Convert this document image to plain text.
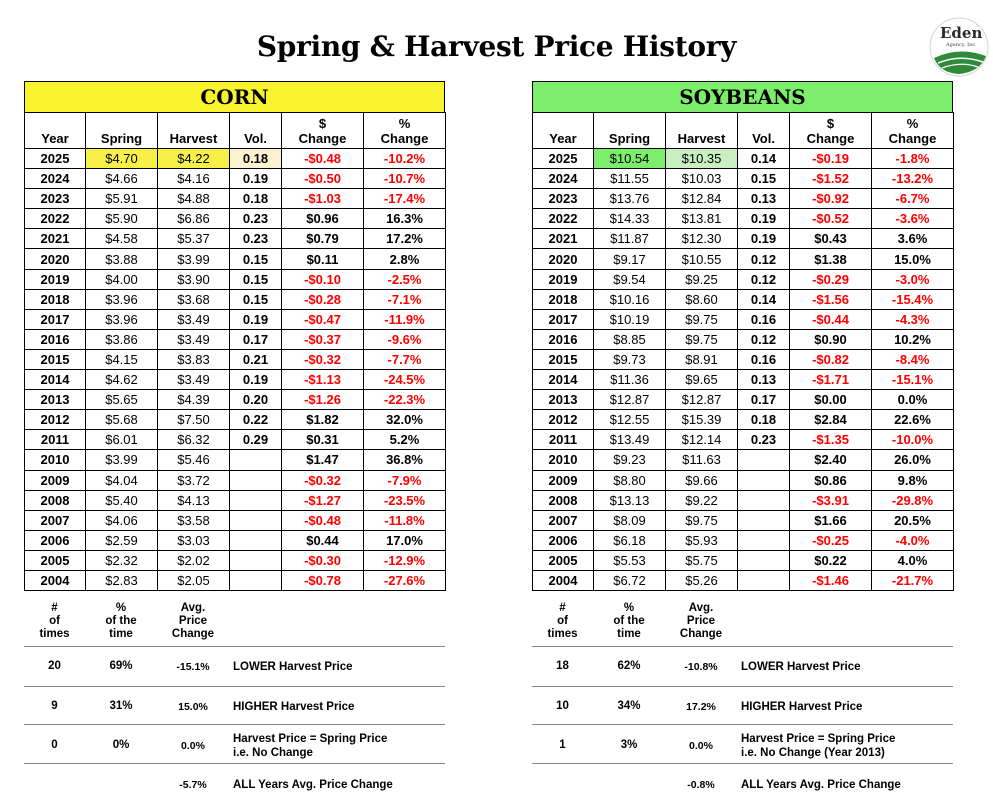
Spring & Harvest Price History	Eden
Agency, Inc.
CORN
Year	Spring	Harvest	Vol.	$
Change	%
Change
2025	$4.70	$4.22	0.18	-$0.48	-10.2%
2024	$4.66	$4.16	0.19	-$0.50	-10.7%
2023	$5.91	$4.88	0.18	-$1.03	-17.4%
2022	$5.90	$6.86	0.23	$0.96	16.3%
2021	$4.58	$5.37	0.23	$0.79	17.2%
2020	$3.88	$3.99	0.15	$0.11	2.8%
2019	$4.00	$3.90	0.15	-$0.10	-2.5%
2018	$3.96	$3.68	0.15	-$0.28	-7.1%
2017	$3.96	$3.49	0.19	-$0.47	-11.9%
2016	$3.86	$3.49	0.17	-$0.37	-9.6%
2015	$4.15	$3.83	0.21	-$0.32	-7.7%
2014	$4.62	$3.49	0.19	-$1.13	-24.5%
2013	$5.65	$4.39	0.20	-$1.26	-22.3%
2012	$5.68	$7.50	0.22	$1.82	32.0%
2011	$6.01	$6.32	0.29	$0.31	5.2%
2010	$3.99	$5.46		$1.47	36.8%
2009	$4.04	$3.72		-$0.32	-7.9%
2008	$5.40	$4.13		-$1.27	-23.5%
2007	$4.06	$3.58		-$0.48	-11.8%
2006	$2.59	$3.03		$0.44	17.0%
2005	$2.32	$2.02		-$0.30	-12.9%
2004	$2.83	$2.05		-$0.78	-27.6%
SOYBEANS
Year	Spring	Harvest	Vol.	$
Change	%
Change
2025	$10.54	$10.35	0.14	-$0.19	-1.8%
2024	$11.55	$10.03	0.15	-$1.52	-13.2%
2023	$13.76	$12.84	0.13	-$0.92	-6.7%
2022	$14.33	$13.81	0.19	-$0.52	-3.6%
2021	$11.87	$12.30	0.19	$0.43	3.6%
2020	$9.17	$10.55	0.12	$1.38	15.0%
2019	$9.54	$9.25	0.12	-$0.29	-3.0%
2018	$10.16	$8.60	0.14	-$1.56	-15.4%
2017	$10.19	$9.75	0.16	-$0.44	-4.3%
2016	$8.85	$9.75	0.12	$0.90	10.2%
2015	$9.73	$8.91	0.16	-$0.82	-8.4%
2014	$11.36	$9.65	0.13	-$1.71	-15.1%
2013	$12.87	$12.87	0.17	$0.00	0.0%
2012	$12.55	$15.39	0.18	$2.84	22.6%
2011	$13.49	$12.14	0.23	-$1.35	-10.0%
2010	$9.23	$11.63		$2.40	26.0%
2009	$8.80	$9.66		$0.86	9.8%
2008	$13.13	$9.22		-$3.91	-29.8%
2007	$8.09	$9.75		$1.66	20.5%
2006	$6.18	$5.93		-$0.25	-4.0%
2005	$5.53	$5.75		$0.22	4.0%
2004	$6.72	$5.26		-$1.46	-21.7%
#
of
times
%
of the
time
Avg.
Price
Change
20	69%	-15.1%	LOWER Harvest Price
9	31%	15.0%	HIGHER Harvest Price
0	0%	0.0%
Harvest Price = Spring Price
i.e. No Change
-5.7%	ALL Years Avg. Price Change
#
of
times
%
of the
time
Avg.
Price
Change
18	62%	-10.8%	LOWER Harvest Price
10	34%	17.2%	HIGHER Harvest Price
1	3%	0.0%
Harvest Price = Spring Price
i.e. No Change (Year 2013)
-0.8%	ALL Years Avg. Price Change
